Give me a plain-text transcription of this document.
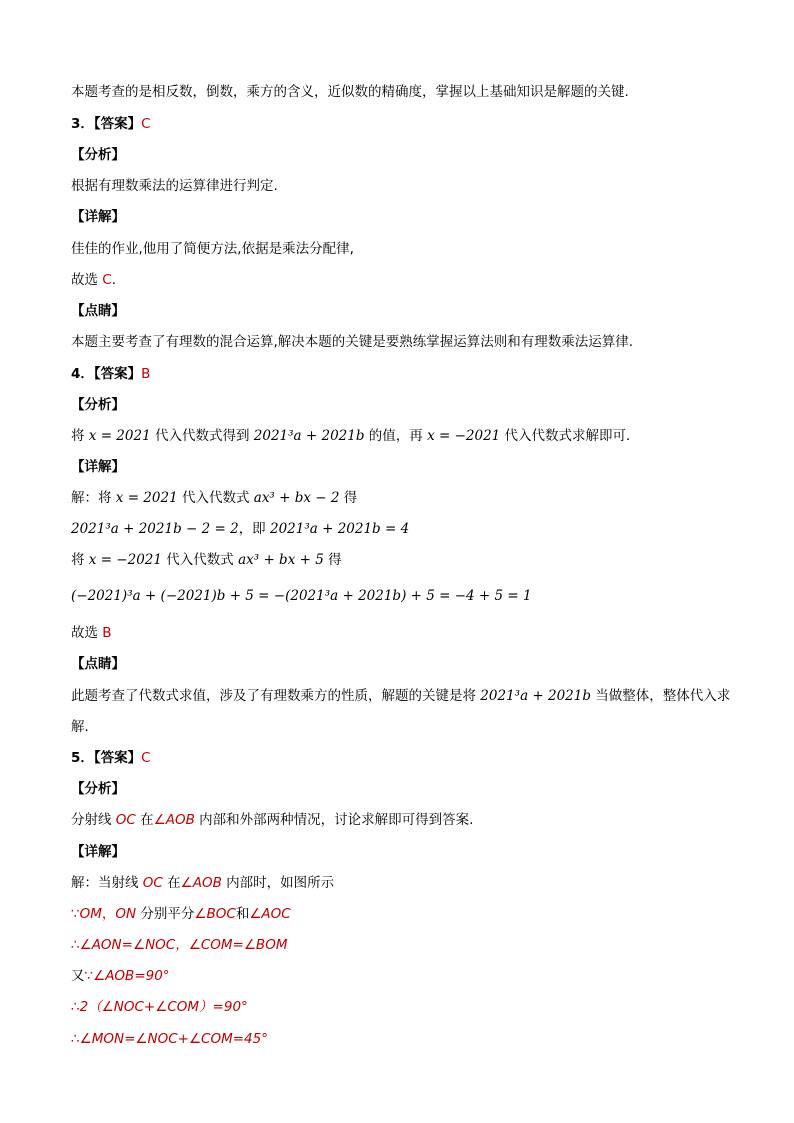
本题考查的是相反数，倒数，乘方的含义，近似数的精确度，掌握以上基础知识是解题的关键.
3．【答案】C
【分析】
根据有理数乘法的运算律进行判定.
【详解】
佳佳的作业,他用了简便方法,依据是乘法分配律,
故选 C.
【点睛】
本题主要考查了有理数的混合运算,解决本题的关键是要熟练掌握运算法则和有理数乘法运算律.
4．【答案】B
【分析】
将 x = 2021 代入代数式得到 2021³a + 2021b 的值，再 x = −2021 代入代数式求解即可．
【详解】
解：将 x = 2021 代入代数式 ax³ + bx − 2 得
2021³a + 2021b − 2 = 2，即 2021³a + 2021b = 4
将 x = −2021 代入代数式 ax³ + bx + 5 得
(−2021)³a + (−2021)b + 5 = −(2021³a + 2021b) + 5 = −4 + 5 = 1
故选 B
【点睛】
此题考查了代数式求值，涉及了有理数乘方的性质，解题的关键是将 2021³a + 2021b 当做整体，整体代入求
解．
5．【答案】C
【分析】
分射线 OC 在∠AOB 内部和外部两种情况，讨论求解即可得到答案.
【详解】
解：当射线 OC 在∠AOB 内部时，如图所示
∵OM，ON 分别平分∠BOC和∠AOC
∴∠AON=∠NOC，∠COM=∠BOM
又∵∠AOB=90°
∴2（∠NOC+∠COM）=90°
∴∠MON=∠NOC+∠COM=45°
